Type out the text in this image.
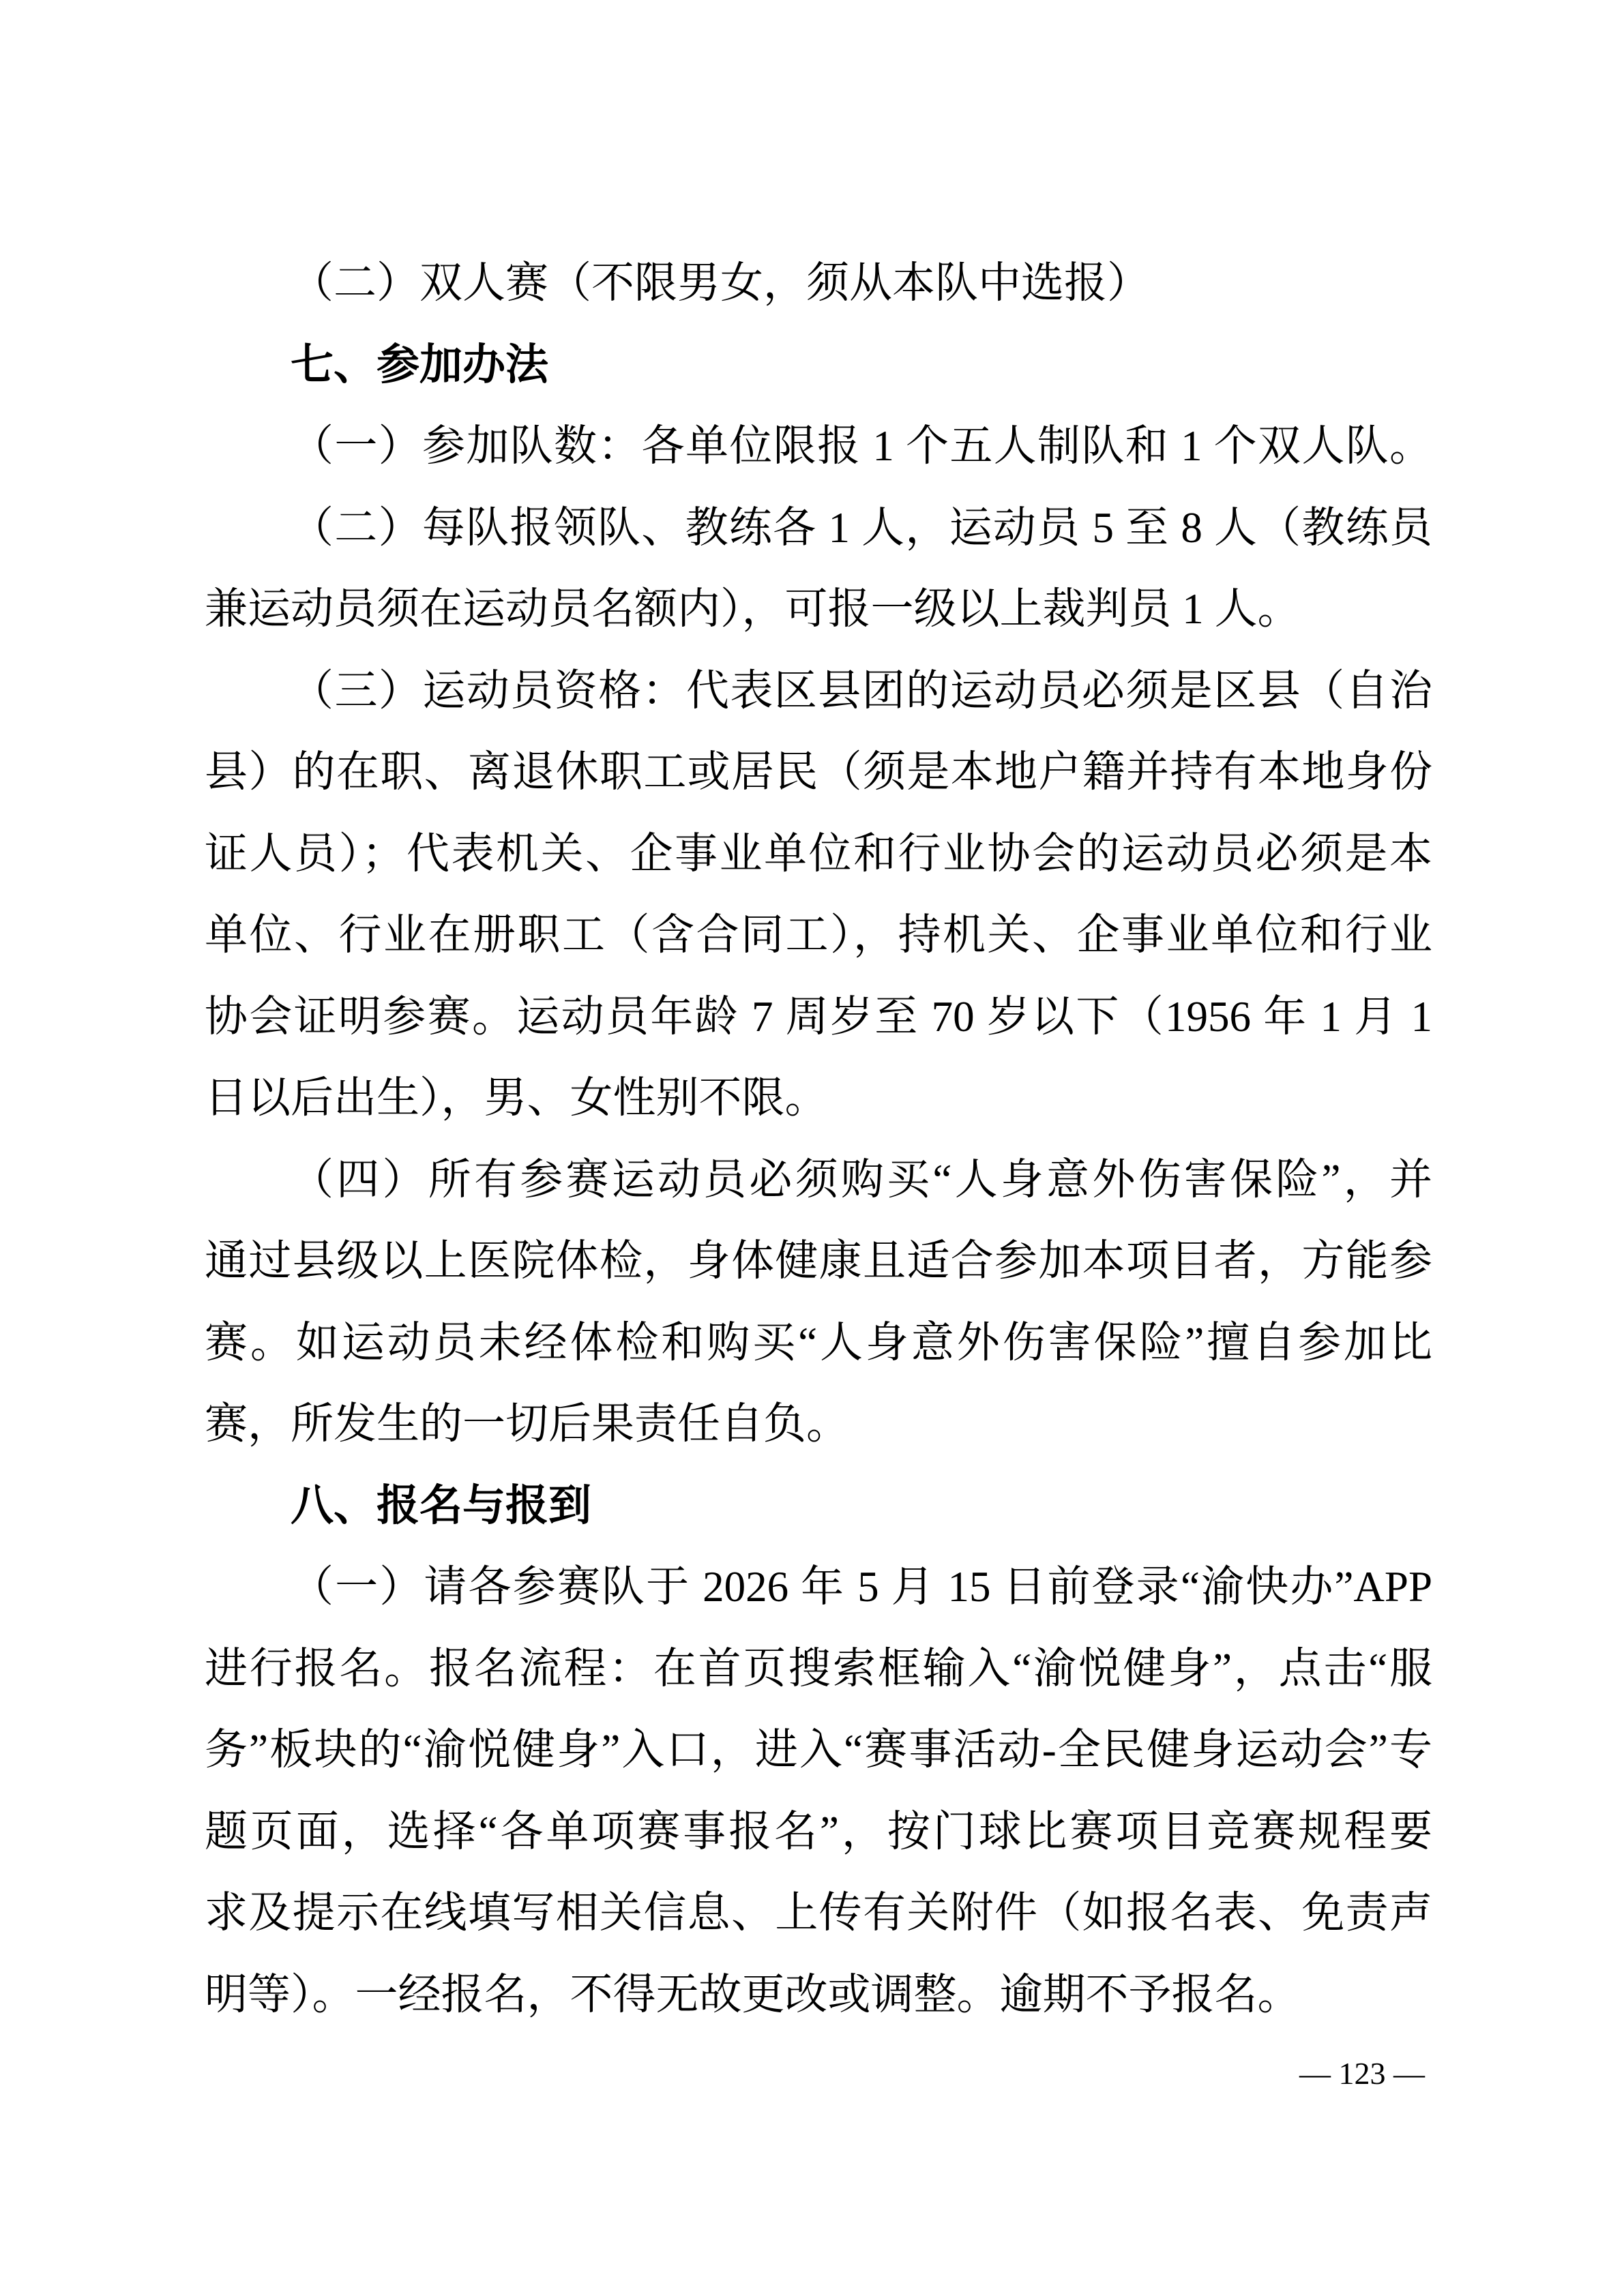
（二）双人赛（不限男女，须从本队中选报）
七、参加办法
（一）参加队数：各单位限报 1 个五人制队和 1 个双人队。
（二）每队报领队、教练各 1 人，运动员 5 至 8 人（教练员
兼运动员须在运动员名额内），可报一级以上裁判员 1 人。
（三）运动员资格：代表区县团的运动员必须是区县（自治
县）的在职、离退休职工或居民（须是本地户籍并持有本地身份
证人员）；代表机关、企事业单位和行业协会的运动员必须是本
单位、行业在册职工（含合同工），持机关、企事业单位和行业
协会证明参赛。运动员年龄 7 周岁至 70 岁以下（1956 年 1 月 1
日以后出生），男、女性别不限。
（四）所有参赛运动员必须购买“人身意外伤害保险”，并
通过县级以上医院体检，身体健康且适合参加本项目者，方能参
赛。如运动员未经体检和购买“人身意外伤害保险”擅自参加比
赛，所发生的一切后果责任自负。
八、报名与报到
（一）请各参赛队于 2026 年 5 月 15 日前登录“渝快办”APP
进行报名。报名流程：在首页搜索框输入“渝悦健身”，点击“服
务”板块的“渝悦健身”入口，进入“赛事活动-全民健身运动会”专
题页面，选择“各单项赛事报名”，按门球比赛项目竞赛规程要
求及提示在线填写相关信息、上传有关附件（如报名表、免责声
明等）。一经报名，不得无故更改或调整。逾期不予报名。
— 123 —
